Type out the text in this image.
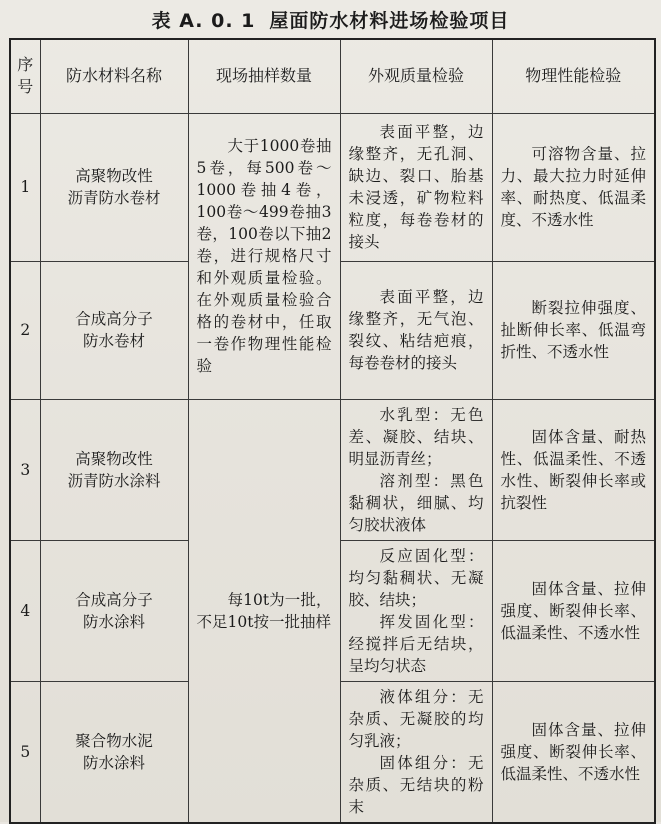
表 A. 0. 1 屋面防水材料进场检验项目
序号	防水材料名称	现场抽样数量	外观质量检验	物理性能检验
1	高聚物改性
沥青防水卷材	大于1000卷抽5卷，每500卷～1000卷抽4卷，100卷～499卷抽3卷，100卷以下抽2卷，进行规格尺寸和外观质量检验。在外观质量检验合格的卷材中，任取一卷作物理性能检验	表面平整，边缘整齐，无孔洞、缺边、裂口、胎基未浸透，矿物粒料粒度，每卷卷材的接头	可溶物含量、拉力、最大拉力时延伸率、耐热度、低温柔度、不透水性

2	合成高分子
防水卷材		表面平整，边缘整齐，无气泡、裂纹、粘结疤痕，每卷卷材的接头	断裂拉伸强度、扯断伸长率、低温弯折性、不透水性

3	高聚物改性
沥青防水涂料	每10t为一批，不足10t按一批抽样	水乳型：无色差、凝胶、结块、明显沥青丝；
溶剂型：黑色黏稠状，细腻、均匀胶状液体	固体含量、耐热性、低温柔性、不透水性、断裂伸长率或抗裂性

4	合成高分子
防水涂料		反应固化型：均匀黏稠状、无凝胶、结块；
挥发固化型：经搅拌后无结块，呈均匀状态	固体含量、拉伸强度、断裂伸长率、低温柔性、不透水性

5	聚合物水泥
防水涂料		液体组分：无杂质、无凝胶的均匀乳液；
固体组分：无杂质、无结块的粉末	固体含量、拉伸强度、断裂伸长率、低温柔性、不透水性
